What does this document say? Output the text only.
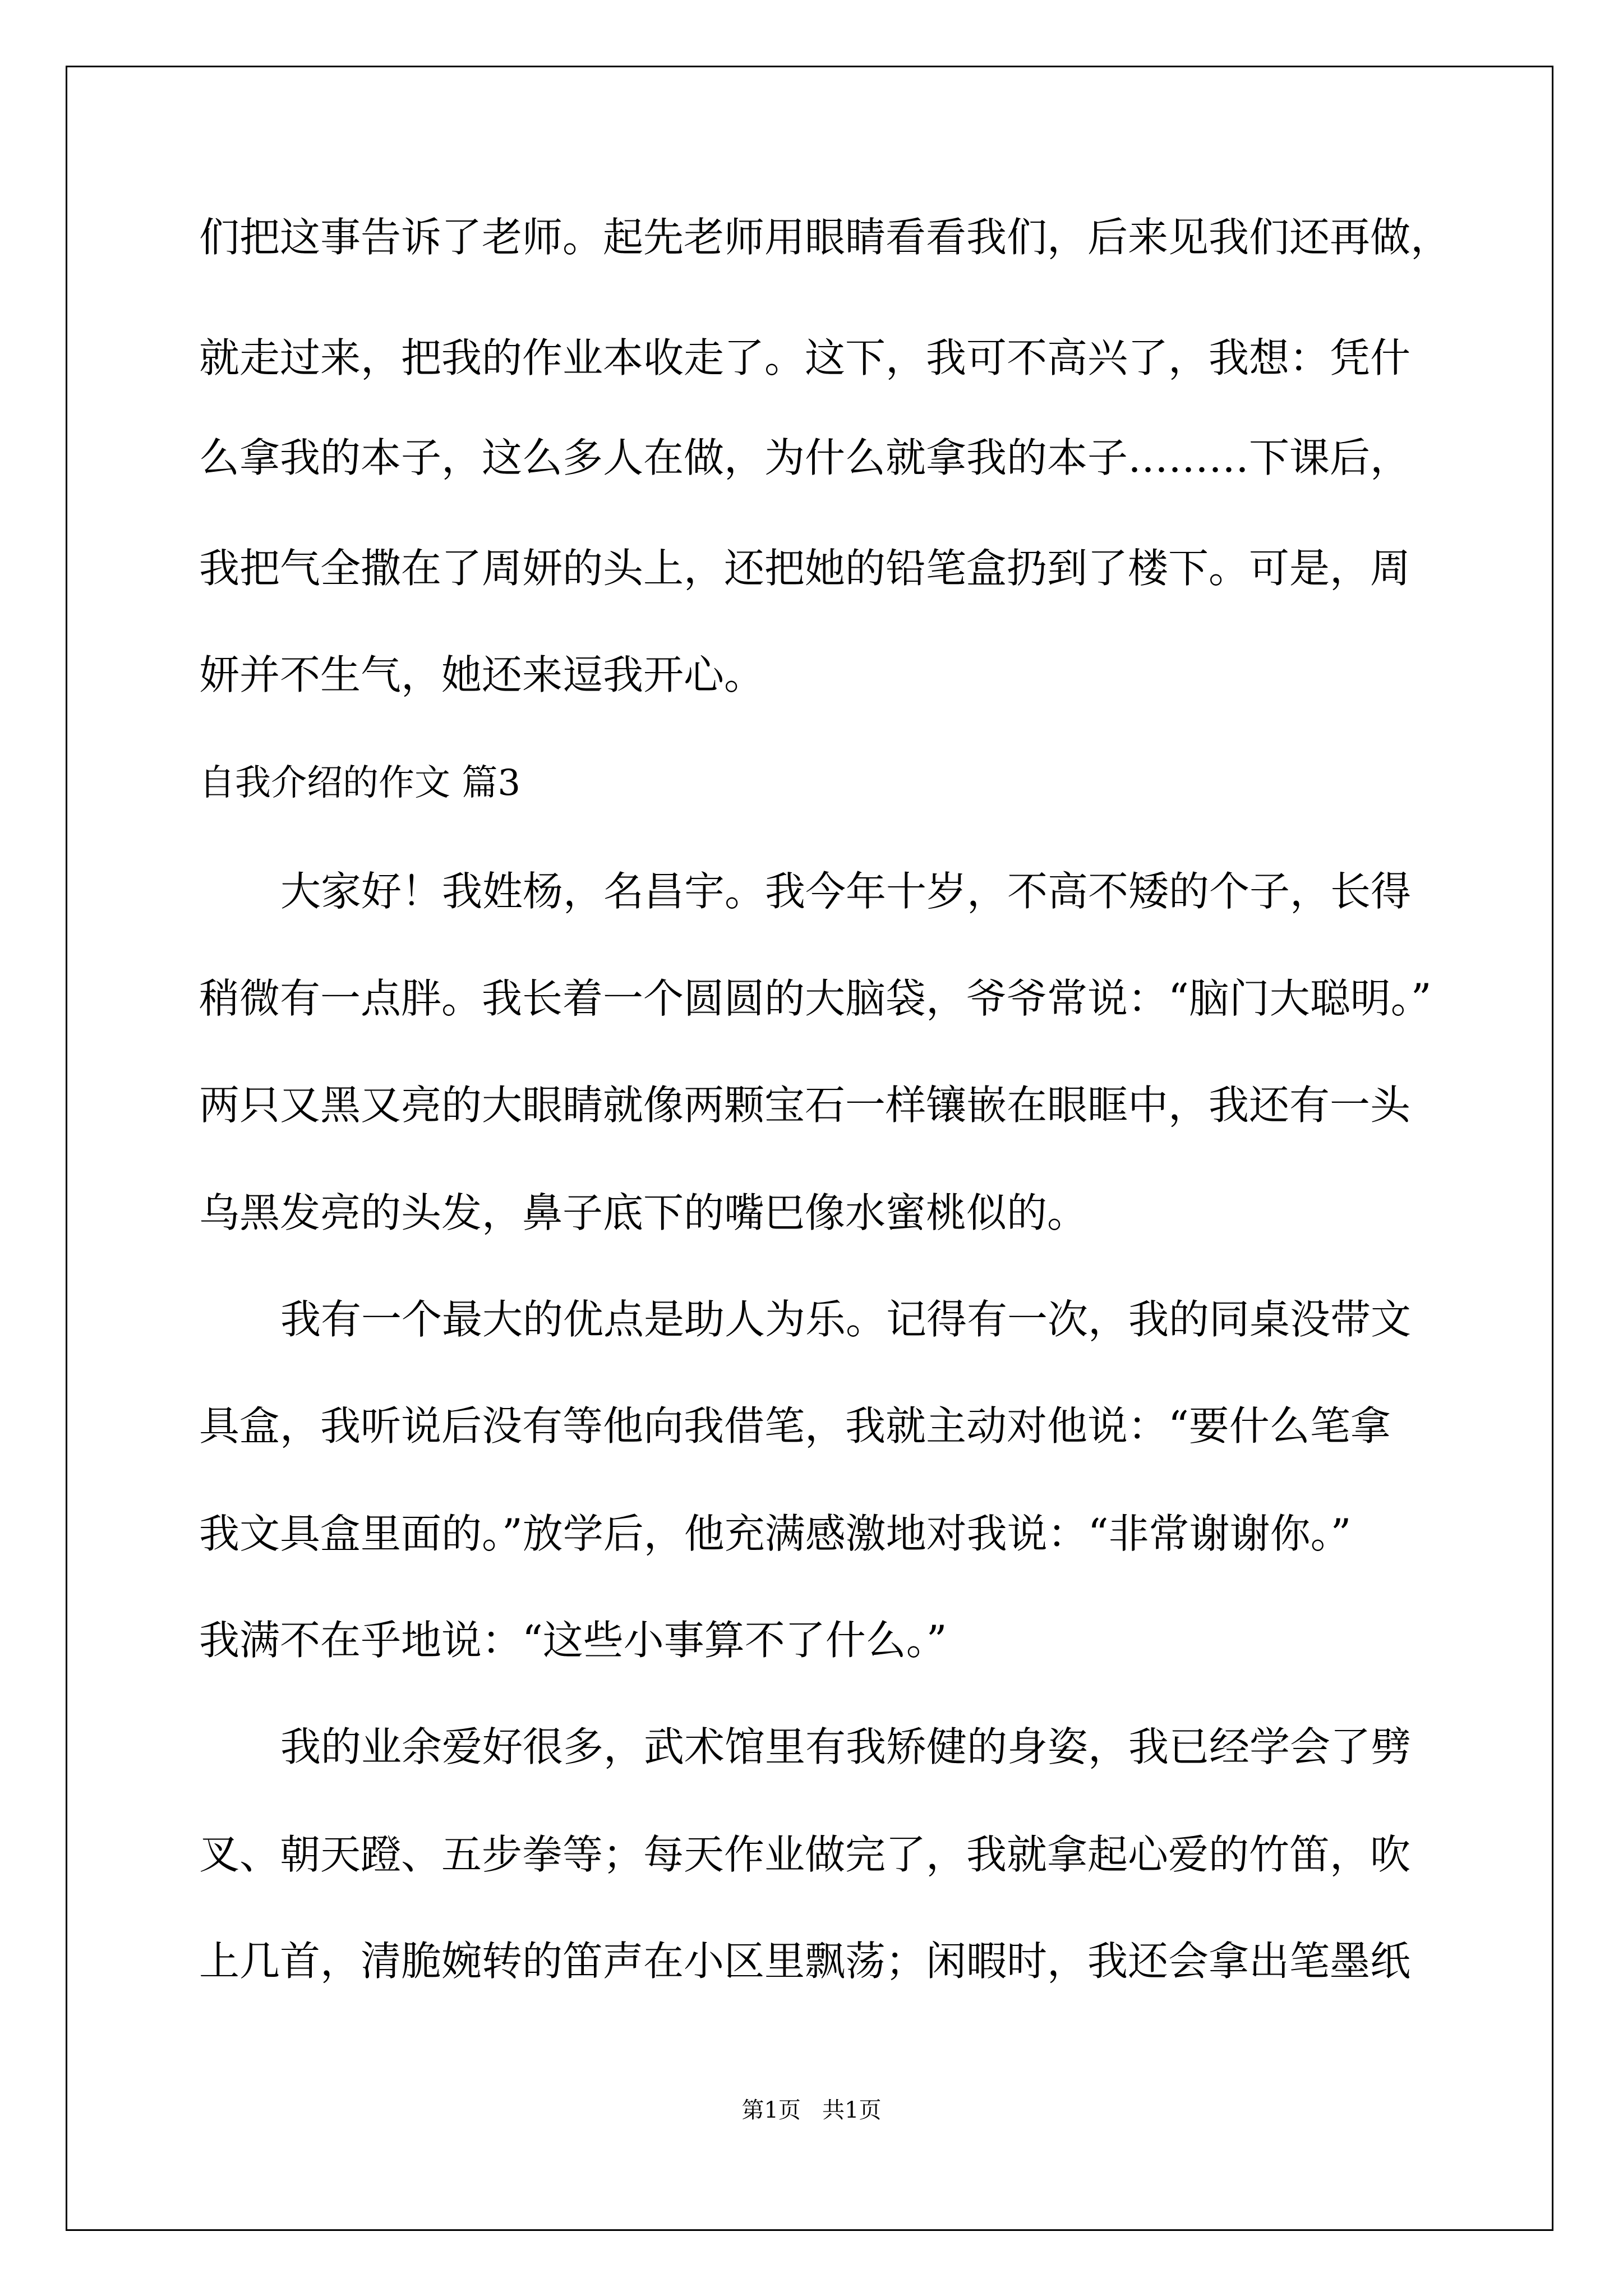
们把这事告诉了老师。起先老师用眼睛看看我们，后来见我们还再做，
就走过来，把我的作业本收走了。这下，我可不高兴了，我想：凭什
么拿我的本子，这么多人在做，为什么就拿我的本子………下课后，
我把气全撒在了周妍的头上，还把她的铅笔盒扔到了楼下。可是，周
妍并不生气，她还来逗我开心。
自我介绍的作文 篇3
大家好！我姓杨，名昌宇。我今年十岁，不高不矮的个子，长得
稍微有一点胖。我长着一个圆圆的大脑袋，爷爷常说：“脑门大聪明。”
两只又黑又亮的大眼睛就像两颗宝石一样镶嵌在眼眶中，我还有一头
乌黑发亮的头发，鼻子底下的嘴巴像水蜜桃似的。
我有一个最大的优点是助人为乐。记得有一次，我的同桌没带文
具盒，我听说后没有等他向我借笔，我就主动对他说：“要什么笔拿
我文具盒里面的。”放学后，他充满感激地对我说：“非常谢谢你。”
我满不在乎地说：“这些小事算不了什么。”
我的业余爱好很多，武术馆里有我矫健的身姿，我已经学会了劈
叉、朝天蹬、五步拳等；每天作业做完了，我就拿起心爱的竹笛，吹
上几首，清脆婉转的笛声在小区里飘荡；闲暇时，我还会拿出笔墨纸
第1页   共1页
